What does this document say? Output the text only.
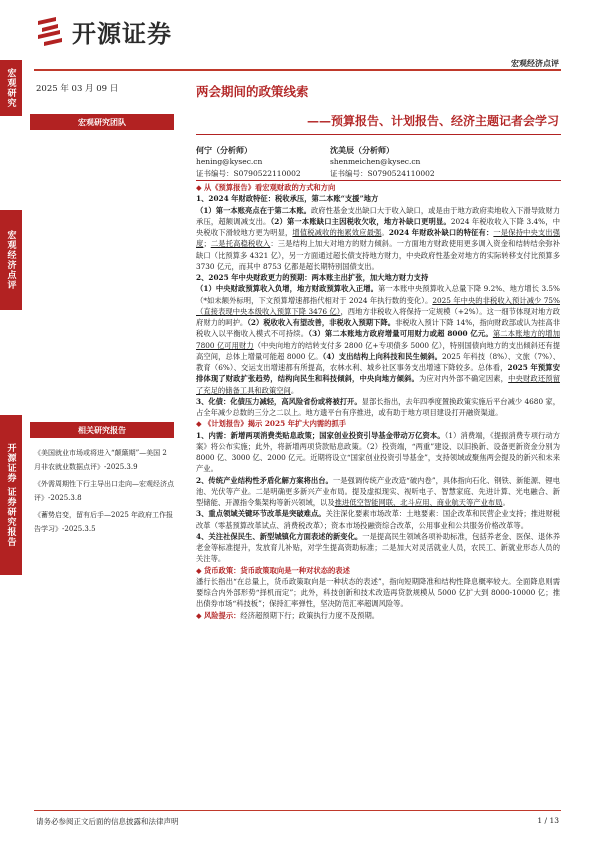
开源证券
宏观经济点评
宏观研究
宏观经济点评
开源证券 证券研究报告
2025 年 03 月 09 日
宏观研究团队
相关研究报告
《美国就业市场或将进入“颠簸期”—美国 2 月非农就业数据点评》-2025.3.9
《外需周期性下行主导出口走向—宏观经济点评》-2025.3.8
《蓄势启变，留有后手—2025 年政府工作报告学习》-2025.3.5
两会期间的政策线索
——预算报告、计划报告、经济主题记者会学习
何宁（分析师）
hening@kysec.cn
证书编号：S0790522110002
沈美辰（分析师）
shenmeichen@kysec.cn
证书编号：S0790524110002

◆ 从《预算报告》看宏观财政的方式和方向

1、2024 年财政特征：税收承压，第二本账“支援”地方

（1）第一本账亮点在于第二本账。政府性基金支出缺口大于收入缺口，或是由于地方政府卖地收入下滑导致财力承压，超额调减支出。（2）第一本账缺口主因税收欠收，地方补缺口更明显。2024 年税收收入下降 3.4%，中央税收下滑较地方更为明显，增值税减收的拖累效应最强。2024 年财政补缺口的特征有：一是保持中央支出强度；二是托高稳税收入：三是结构上加大对地方的财力倾斜。一方面地方财政使用更多调入资金和结转结余弥补缺口（比预算多 4321 亿），另一方面通过超长债支持地方财力，中央政府性基金对地方的实际转移支付比预算多 3730 亿元，而其中 8753 亿都是超长期特别国债支出。

2、2025 年中央财政更力的预期：两本账主出扩张，加大地方财力支持

（1）中央财政预算收入负增，地方财政预算收入正增。第一本账中央预算收入总量下降 9.2%、地方增长 3.5%（*如未额外标明，下文预算增速都指代相对于 2024 年执行数的变化）。2025 年中央的非税收入预计减少 75%（直接表现中央本级收入预算下降 3476 亿），西地方非税收入将保持一定规模（+2%）。这一细节体现对地方政府财力的呵护。（2）税收收入有望改善，非税收入预期下降。非税收入预计下降 14%，指向财政部或认为挂高非税收入以平衡收入模式不可持续。（3）第二本账地方政府增量可用财力或超 8000 亿元。第二本账地方的增加 7800 亿可用财力（中央向地方的结转支付多 2800 亿+专项债多 5000 亿），特别国债向地方的支出倾斜还有提高空间，总体上增量可能超 8000 亿。（4）支出结构上向科技和民生倾斜。2025 年科技（8%）、文旅（7%）、教育（6%）、交运支出增速都有所提高，农林水利、城乡社区事务支出增速下降较多。总体看，2025 年预算安排体现了财政扩张趋势，结构向民生和科技倾斜，中央向地方倾斜。为应对内外部不确定因素，中央财政还预留了充足的储备工具和政策空间。

3、化债：化债压力减轻，高风险省份或将被打开。显部长指出，去年四季度置换政策实施后平台减少 4680 家，占全年减少总数的三分之二以上。地方遗平台有序推进，或有助于地方项目建设打开融资渠道。

◆ 《计划报告》揭示 2025 年扩大内需的抓手

1、内需：新增两项消费类贴息政策；国家创业投资引导基金带动万亿资本。（1）消费端，《提振消费专项行动方案》将公布实施；此外，将新增两项贷款贴息政策。（2）投资端，“两重”建设、以旧换新、设备更新资金分别为 8000 亿、3000 亿、2000 亿元。近期将设立“国家创业投资引导基金”，支持领域或聚焦两会提及的新兴和未来产业。

2、传统产业结构性矛盾化解方案将出台。一是强调传统产业改造“破内卷”，具体指向石化、钢铁、新能源、锂电池、光伏等产业。二是明确更多新兴产业布局。提及虚拟现实、视听电子、智慧家庭、先进计算、光电融合、新型储能、开源指令集架构等新兴领域，以及推进低空智能网联、北斗应用、商业航天等产业布局。

3、重点领域关键环节改革是突破难点。关注深化要素市场改革：土地要素：国企改革和民营企业支持；推进财税改革（零基预算改革试点、消费税改革）；资本市场投融资综合改革，公用事业和公共服务价格改革等。

4、关注社保民生、新型城镇化方面表述的新变化。一是提高民生领域各项补助标准，包括养老金、医保、退休养老金等标准提升，发放育儿补贴，对学生提高资助标准；二是加大对灵活就业人员，农民工、新就业形态人员的关注等。

◆ 货币政策：货币政策取向是一种对状态的表述

潘行长指出“在总量上，货币政策取向是一种状态的表述”，指向短期降准和结构性降息概率较大。全面降息则需要综合内外部形势“择机而定”；此外，科技创新和技术改造再贷款规模从 5000 亿扩大到 8000-10000 亿；推出债券市场“科技板”；保持汇率弹性，坚决防范汇率超调风险等。

◆ 风险提示：经济超预期下行；政策执行力度不及预期。

请务必参阅正文后面的信息披露和法律声明	1 / 13
